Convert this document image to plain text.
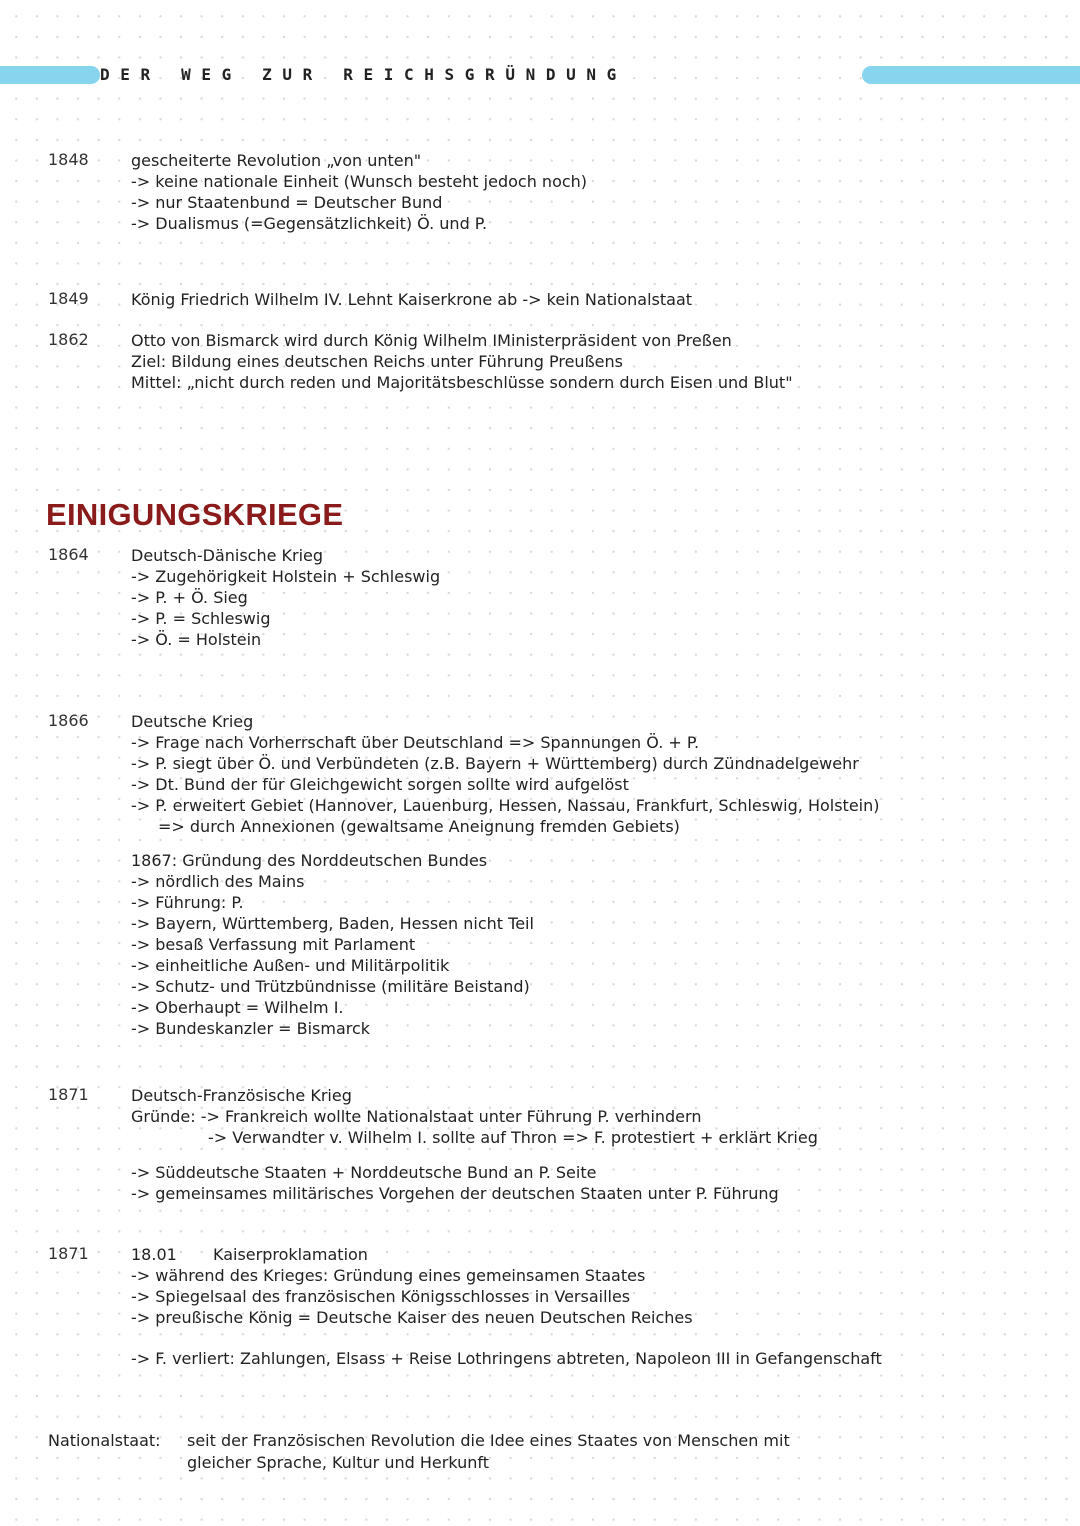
D E R   W E G   Z U R   R E I C H S G R Ü N D U N G
1848	gescheiterte Revolution „von unten"
-> keine nationale Einheit (Wunsch besteht jedoch noch)
-> nur Staatenbund = Deutscher Bund
-> Dualismus (=Gegensätzlichkeit) Ö. und P.
1849	König Friedrich Wilhelm IV. Lehnt Kaiserkrone ab -> kein Nationalstaat
1862	Otto von Bismarck wird durch König Wilhelm IMinisterpräsident von Preßen
Ziel: Bildung eines deutschen Reichs unter Führung Preußens
Mittel: „nicht durch reden und Majoritätsbeschlüsse sondern durch Eisen und Blut"
EINIGUNGSKRIEGE
1864	Deutsch-Dänische Krieg
-> Zugehörigkeit Holstein + Schleswig
-> P. + Ö. Sieg
-> P. = Schleswig
-> Ö. = Holstein
1866	Deutsche Krieg
-> Frage nach Vorherrschaft über Deutschland => Spannungen Ö. + P.
-> P. siegt über Ö. und Verbündeten (z.B. Bayern + Württemberg) durch Zündnadelgewehr
-> Dt. Bund der für Gleichgewicht sorgen sollte wird aufgelöst
-> P. erweitert Gebiet (Hannover, Lauenburg, Hessen, Nassau, Frankfurt, Schleswig, Holstein)
=> durch Annexionen (gewaltsame Aneignung fremden Gebiets)
1867: Gründung des Norddeutschen Bundes
-> nördlich des Mains
-> Führung: P.
-> Bayern, Württemberg, Baden, Hessen nicht Teil
-> besaß Verfassung mit Parlament
-> einheitliche Außen- und Militärpolitik
-> Schutz- und Trützbündnisse (militäre Beistand)
-> Oberhaupt = Wilhelm I.
-> Bundeskanzler = Bismarck
1871	Deutsch-Französische Krieg
Gründe: -> Frankreich wollte Nationalstaat unter Führung P. verhindern
-> Verwandter v. Wilhelm I. sollte auf Thron => F. protestiert + erklärt Krieg
-> Süddeutsche Staaten + Norddeutsche Bund an P. Seite
-> gemeinsames militärisches Vorgehen der deutschen Staaten unter P. Führung
1871	18.01 Kaiserproklamation
-> während des Krieges: Gründung eines gemeinsamen Staates
-> Spiegelsaal des französischen Königsschlosses in Versailles
-> preußische König = Deutsche Kaiser des neuen Deutschen Reiches
-> F. verliert: Zahlungen, Elsass + Reise Lothringens abtreten, Napoleon III in Gefangenschaft
Nationalstaat: seit der Französischen Revolution die Idee eines Staates von Menschen mit
gleicher Sprache, Kultur und Herkunft
